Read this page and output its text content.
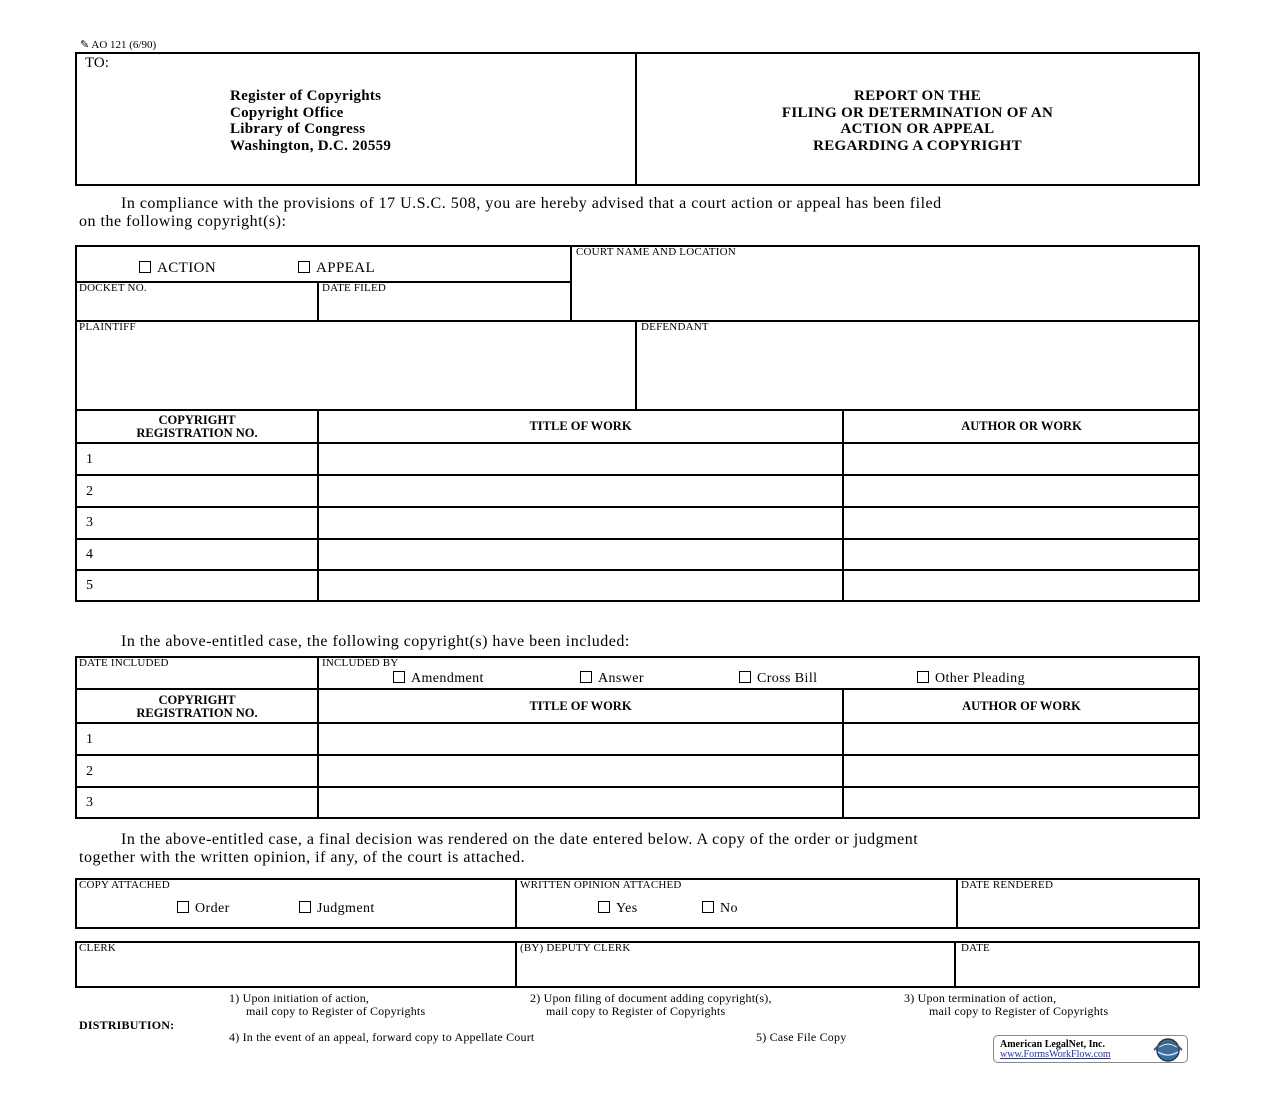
✎ AO 121 (6/90)
TO:
Register of Copyrights
Copyright Office
Library of Congress
Washington, D.C. 20559
REPORT ON THE
FILING OR DETERMINATION OF AN
ACTION OR APPEAL
REGARDING A COPYRIGHT
In compliance with the provisions of 17 U.S.C. 508, you are hereby advised that a court action or appeal has been filed
on the following copyright(s):
ACTION	APPEAL
COURT NAME AND LOCATION
DOCKET NO.	DATE FILED
PLAINTIFF	DEFENDANT
COPYRIGHT
REGISTRATION NO.	TITLE OF WORK	AUTHOR OR WORK
1
2
3
4
5
In the above-entitled case, the following copyright(s) have been included:
DATE INCLUDED	INCLUDED BY
Amendment	Answer	Cross Bill	Other Pleading
COPYRIGHT
REGISTRATION NO.	TITLE OF WORK	AUTHOR OF WORK
1
2
3
In the above-entitled case, a final decision was rendered on the date entered below. A copy of the order or judgment
together with the written opinion, if any, of the court is attached.
COPY ATTACHED
Order	Judgment
WRITTEN OPINION ATTACHED
Yes	No
DATE RENDERED
CLERK	(BY) DEPUTY CLERK	DATE
DISTRIBUTION:
1) Upon initiation of action,
mail copy to Register of Copyrights
2) Upon filing of document adding copyright(s),
mail copy to Register of Copyrights
3) Upon termination of action,
mail copy to Register of Copyrights
4) In the event of an appeal, forward copy to Appellate Court	5) Case File Copy
American LegalNet, Inc.
www.FormsWorkFlow.com
